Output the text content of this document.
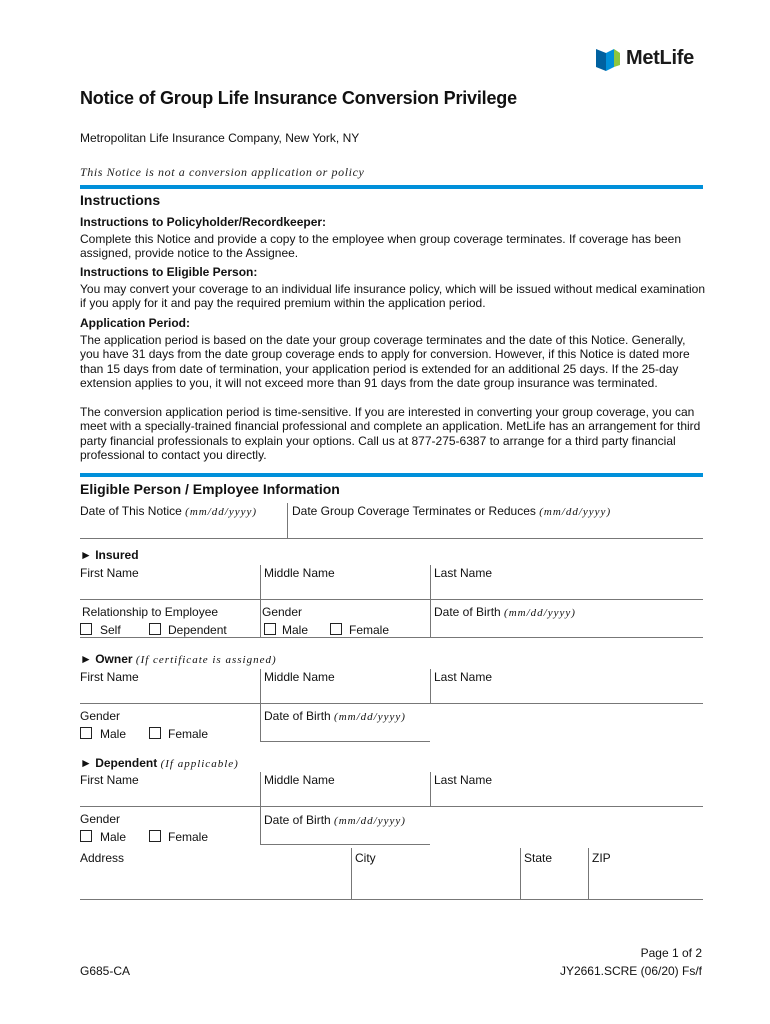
MetLife
Notice of Group Life Insurance Conversion Privilege
Metropolitan Life Insurance Company, New York, NY
This Notice is not a conversion application or policy
Instructions
Instructions to Policyholder/Recordkeeper:
Complete this Notice and provide a copy to the employee when group coverage terminates. If coverage has been assigned, provide notice to the Assignee.
Instructions to Eligible Person:
You may convert your coverage to an individual life insurance policy, which will be issued without medical examination if you apply for it and pay the required premium within the application period.
Application Period:
The application period is based on the date your group coverage terminates and the date of this Notice. Generally, you have 31 days from the date group coverage ends to apply for conversion. However, if this Notice is dated more than 15 days from date of termination, your application period is extended for an additional 25 days. If the 25-day extension applies to you, it will not exceed more than 91 days from the date group insurance was terminated.
The conversion application period is time-sensitive. If you are interested in converting your group coverage, you can meet with a specially-trained financial professional and complete an application. MetLife has an arrangement for third party financial professionals to explain your options. Call us at 877-275-6387 to arrange for a third party financial professional to contact you directly.
Eligible Person / Employee Information
Date of This Notice (mm/dd/yyyy)	Date Group Coverage Terminates or Reduces (mm/dd/yyyy)
► Insured
First Name	Middle Name	Last Name
Relationship to Employee
Self	Dependent
Gender
Male	Female
Date of Birth (mm/dd/yyyy)
► Owner (If certificate is assigned)
First Name	Middle Name	Last Name
Gender
Male	Female
Date of Birth (mm/dd/yyyy)
► Dependent (If applicable)
First Name	Middle Name	Last Name
Gender
Male	Female
Date of Birth (mm/dd/yyyy)
Address	City	State	ZIP
Page 1 of 2
G685-CA	JY2661.SCRE (06/20) Fs/f
